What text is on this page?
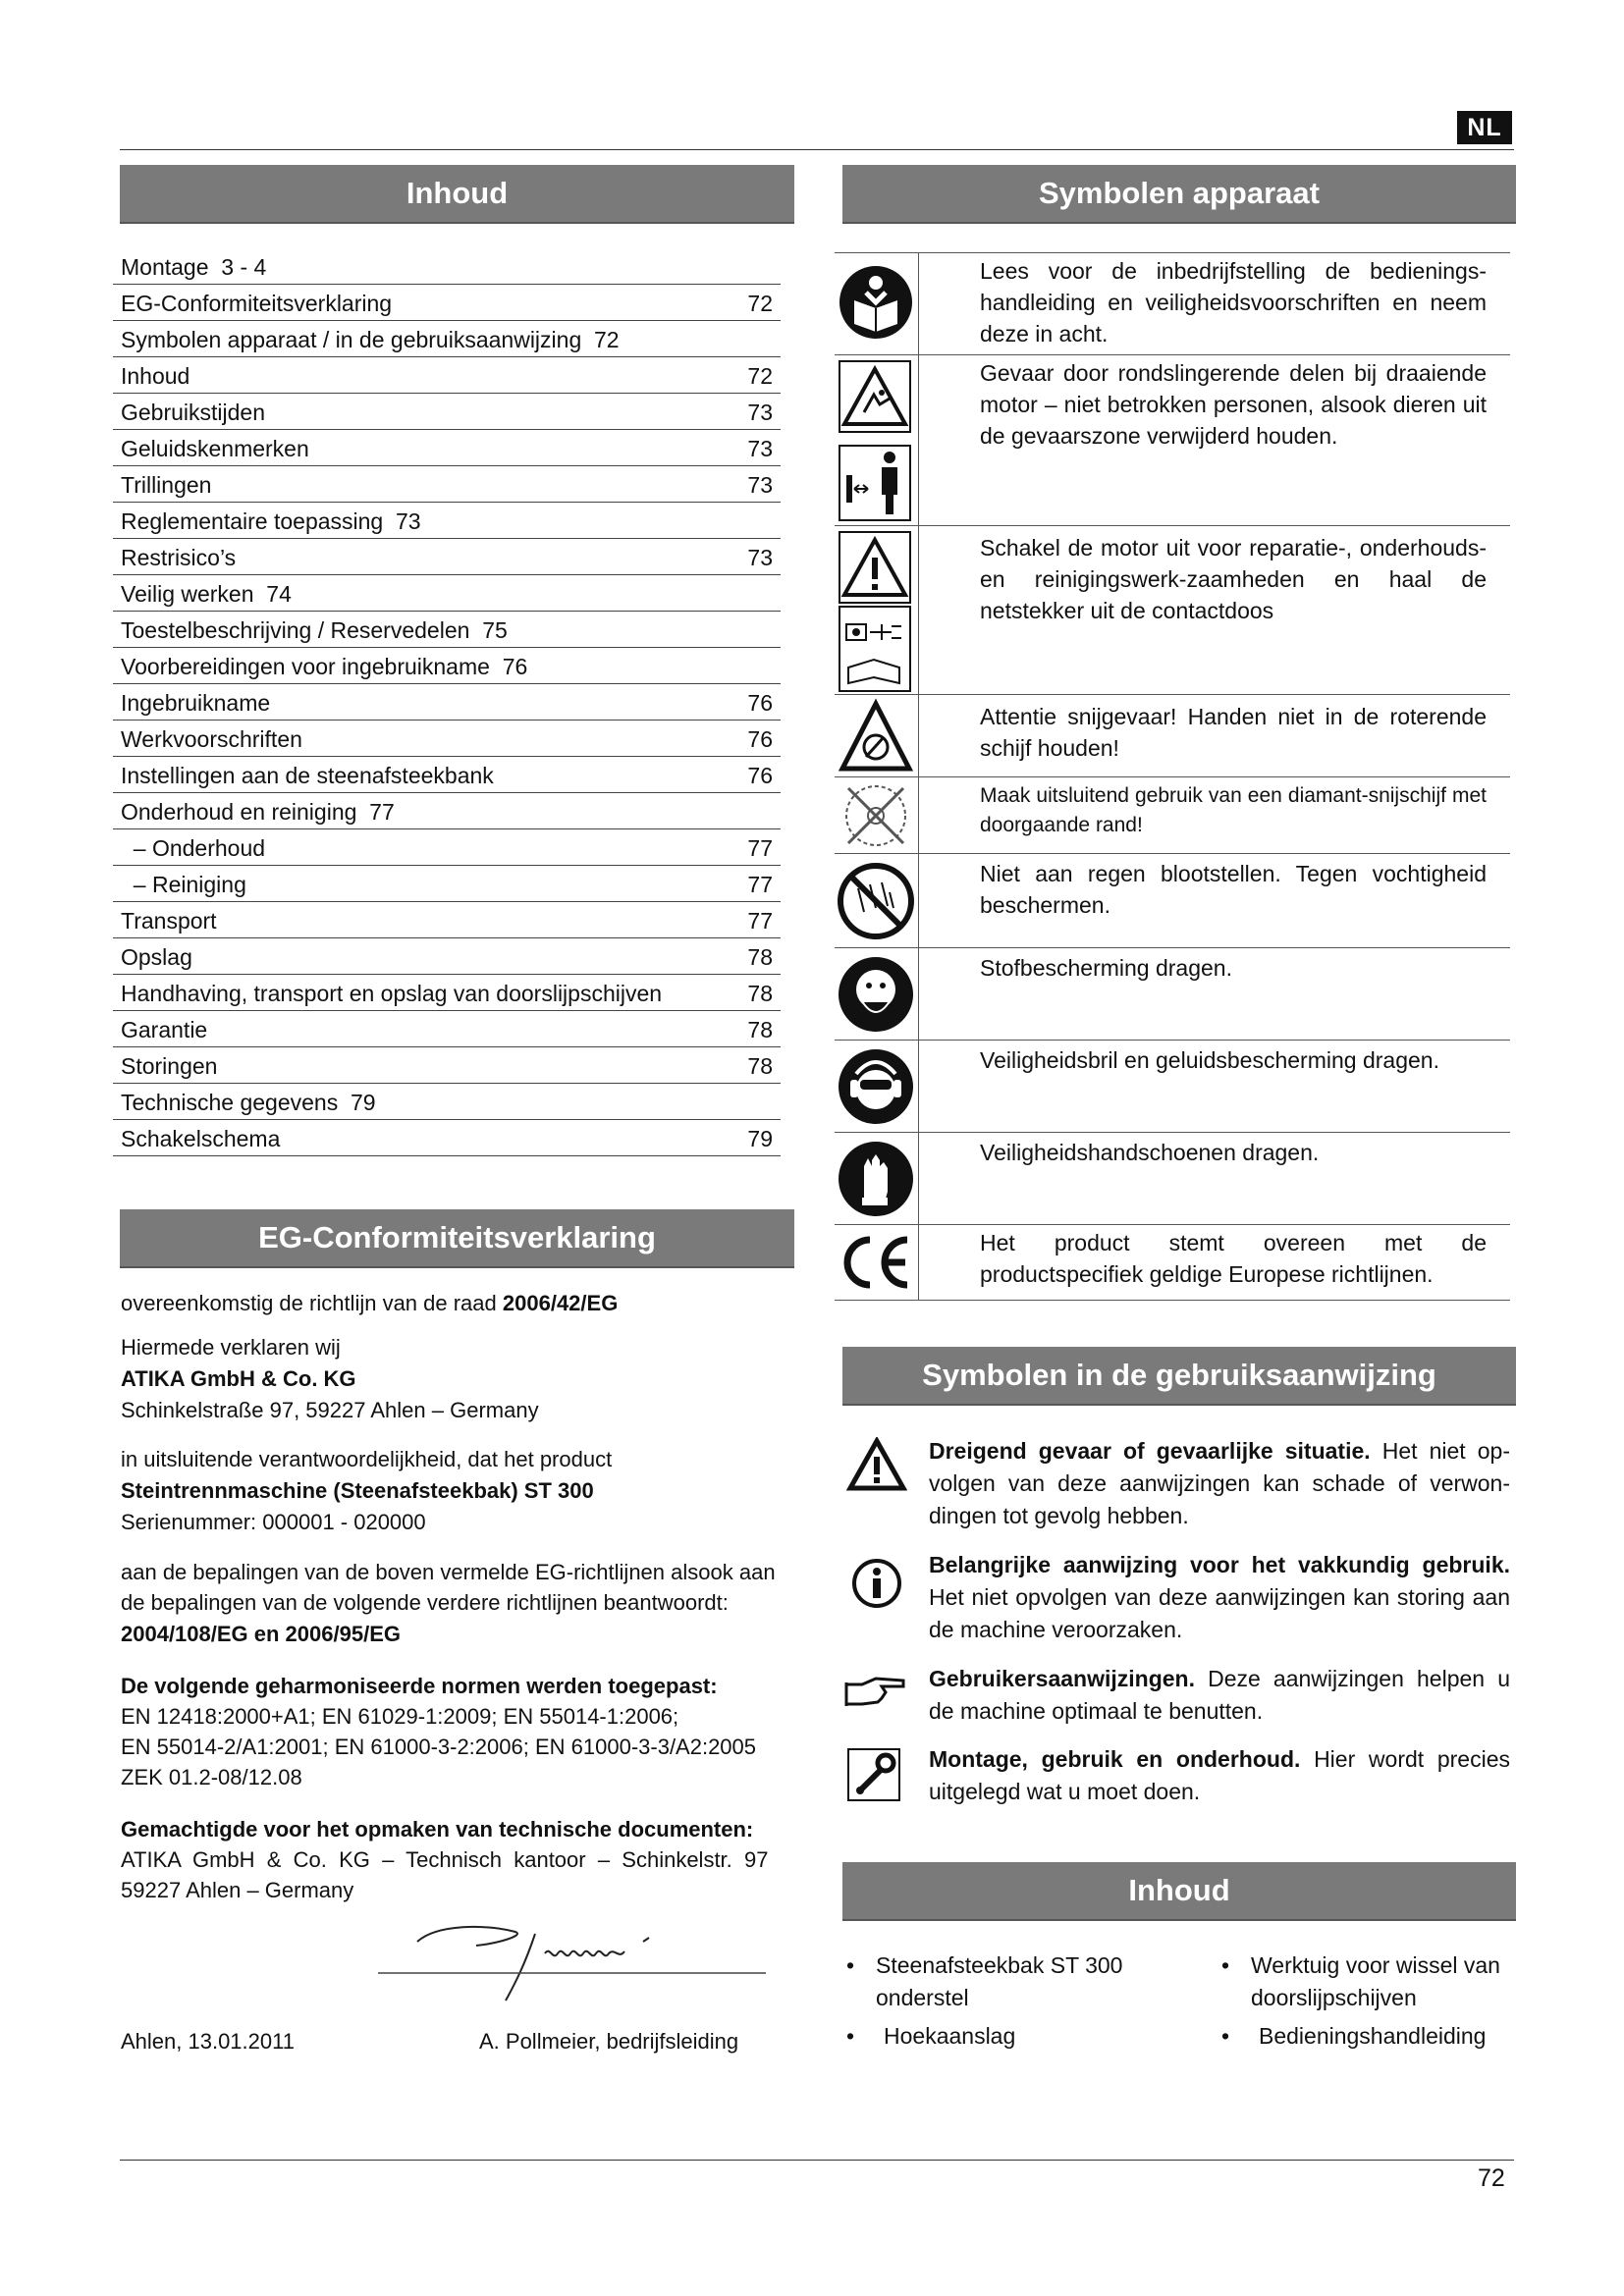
NL
Inhoud
Montage  3 - 4
EG-Conformiteitsverklaring	72
Symbolen apparaat / in de gebruiksaanwijzing  72
Inhoud	72
Gebruikstijden	73
Geluidskenmerken	73
Trillingen	73
Reglementaire toepassing  73
Restrisico’s	73
Veilig werken  74
Toestelbeschrijving / Reservedelen  75
Voorbereidingen voor ingebruikname  76
Ingebruikname	76
Werkvoorschriften	76
Instellingen aan de steenafsteekbank	76
Onderhoud en reiniging  77
– Onderhoud	77
– Reiniging	77
Transport	77
Opslag	78
Handhaving, transport en opslag van doorslijpschijven	78
Garantie	78
Storingen	78
Technische gegevens  79
Schakelschema	79
EG-Conformiteitsverklaring
overeenkomstig de richtlijn van de raad 2006/42/EG
Hiermede verklaren wij
ATIKA GmbH & Co. KG
Schinkelstraße 97, 59227 Ahlen – Germany
in uitsluitende verantwoordelijkheid, dat het product
Steintrennmaschine (Steenafsteekbak) ST 300
Serienummer: 000001 - 020000
aan de bepalingen van de boven vermelde EG-richtlijnen alsook aan
de bepalingen van de volgende verdere richtlijnen beantwoordt:
2004/108/EG en 2006/95/EG
De volgende geharmoniseerde normen werden toegepast:
EN 12418:2000+A1; EN 61029-1:2009; EN 55014-1:2006;
EN 55014-2/A1:2001; EN 61000-3-2:2006; EN 61000-3-3/A2:2005
ZEK 01.2-08/12.08
Gemachtigde voor het opmaken van technische documenten:
ATIKA  GmbH  &  Co.  KG  –  Technisch  kantoor  –  Schinkelstr.  97
59227 Ahlen – Germany
Ahlen, 13.01.2011	A. Pollmeier, bedrijfsleiding
Symbolen apparaat
Lees voor de inbedrijfstelling de bedienings-handleiding en veiligheidsvoorschriften en neem deze in acht.
Gevaar door rondslingerende delen bij draaiende motor – niet betrokken personen, alsook dieren uit de gevaarszone verwijderd houden.
Schakel de motor uit voor reparatie-, onderhouds- en reinigingswerk-zaamheden en haal de netstekker uit de contactdoos
Attentie snijgevaar! Handen niet in de roterende schijf houden!
Maak uitsluitend gebruik van een diamant-snijschijf met doorgaande rand!
Niet aan regen blootstellen. Tegen vochtigheid beschermen.
Stofbescherming dragen.
Veiligheidsbril en geluidsbescherming dragen.
Veiligheidshandschoenen dragen.
Het product stemt overeen met de productspecifiek geldige Europese richtlijnen.
Symbolen in de gebruiksaanwijzing
Dreigend gevaar of gevaarlijke situatie. Het niet op-volgen van deze aanwijzingen kan schade of verwon-dingen tot gevolg hebben.
Belangrijke aanwijzing voor het vakkundig gebruik. Het niet opvolgen van deze aanwijzingen kan storing aan de machine veroorzaken.
Gebruikersaanwijzingen. Deze aanwijzingen helpen u de machine optimaal te benutten.
Montage, gebruik en onderhoud. Hier wordt precies uitgelegd wat u moet doen.
Inhoud
• Steenafsteekbak ST 300 onderstel
• Hoekaanslag
• Werktuig voor wissel van doorslijpschijven
• Bedieningshandleiding
72
